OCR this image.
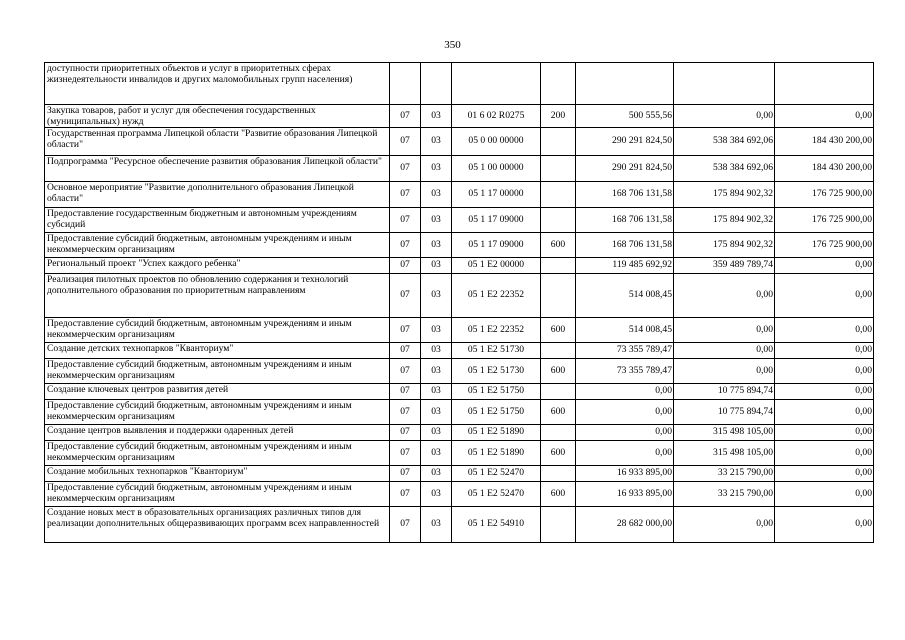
350
доступности приоритетных объектов и услуг в приоритетных сферах жизнедеятельности инвалидов и других маломобильных групп населения)							
Закупка товаров, работ и услуг для обеспечения государственных (муниципальных) нужд	07	03	01 6 02 R0275	200	500 555,56	0,00	0,00
Государственная программа Липецкой области "Развитие образования Липецкой области"	07	03	05 0 00 00000		290 291 824,50	538 384 692,06	184 430 200,00
Подпрограмма "Ресурсное обеспечение развития образования Липецкой области"	07	03	05 1 00 00000		290 291 824,50	538 384 692,06	184 430 200,00
Основное мероприятие "Развитие дополнительного образования Липецкой области"	07	03	05 1 17 00000		168 706 131,58	175 894 902,32	176 725 900,00
Предоставление государственным бюджетным и автономным учреждениям субсидий	07	03	05 1 17 09000		168 706 131,58	175 894 902,32	176 725 900,00
Предоставление субсидий бюджетным, автономным учреждениям и иным некоммерческим организациям	07	03	05 1 17 09000	600	168 706 131,58	175 894 902,32	176 725 900,00
Региональный проект "Успех каждого ребенка"	07	03	05 1 E2 00000		119 485 692,92	359 489 789,74	0,00
Реализация пилотных проектов по обновлению содержания и технологий дополнительного образования по приоритетным направлениям	07	03	05 1 E2 22352		514 008,45	0,00	0,00
Предоставление субсидий бюджетным, автономным учреждениям и иным некоммерческим организациям	07	03	05 1 E2 22352	600	514 008,45	0,00	0,00
Создание детских технопарков "Кванториум"	07	03	05 1 E2 51730		73 355 789,47	0,00	0,00
Предоставление субсидий бюджетным, автономным учреждениям и иным некоммерческим организациям	07	03	05 1 E2 51730	600	73 355 789,47	0,00	0,00
Создание ключевых центров развития детей	07	03	05 1 E2 51750		0,00	10 775 894,74	0,00
Предоставление субсидий бюджетным, автономным учреждениям и иным некоммерческим организациям	07	03	05 1 E2 51750	600	0,00	10 775 894,74	0,00
Создание центров выявления и поддержки одаренных детей	07	03	05 1 E2 51890		0,00	315 498 105,00	0,00
Предоставление субсидий бюджетным, автономным учреждениям и иным некоммерческим организациям	07	03	05 1 E2 51890	600	0,00	315 498 105,00	0,00
Создание мобильных технопарков "Кванториум"	07	03	05 1 E2 52470		16 933 895,00	33 215 790,00	0,00
Предоставление субсидий бюджетным, автономным учреждениям и иным некоммерческим организациям	07	03	05 1 E2 52470	600	16 933 895,00	33 215 790,00	0,00
Создание новых мест в образовательных организациях различных типов для реализации дополнительных общеразвивающих программ всех направленностей	07	03	05 1 E2 54910		28 682 000,00	0,00	0,00
